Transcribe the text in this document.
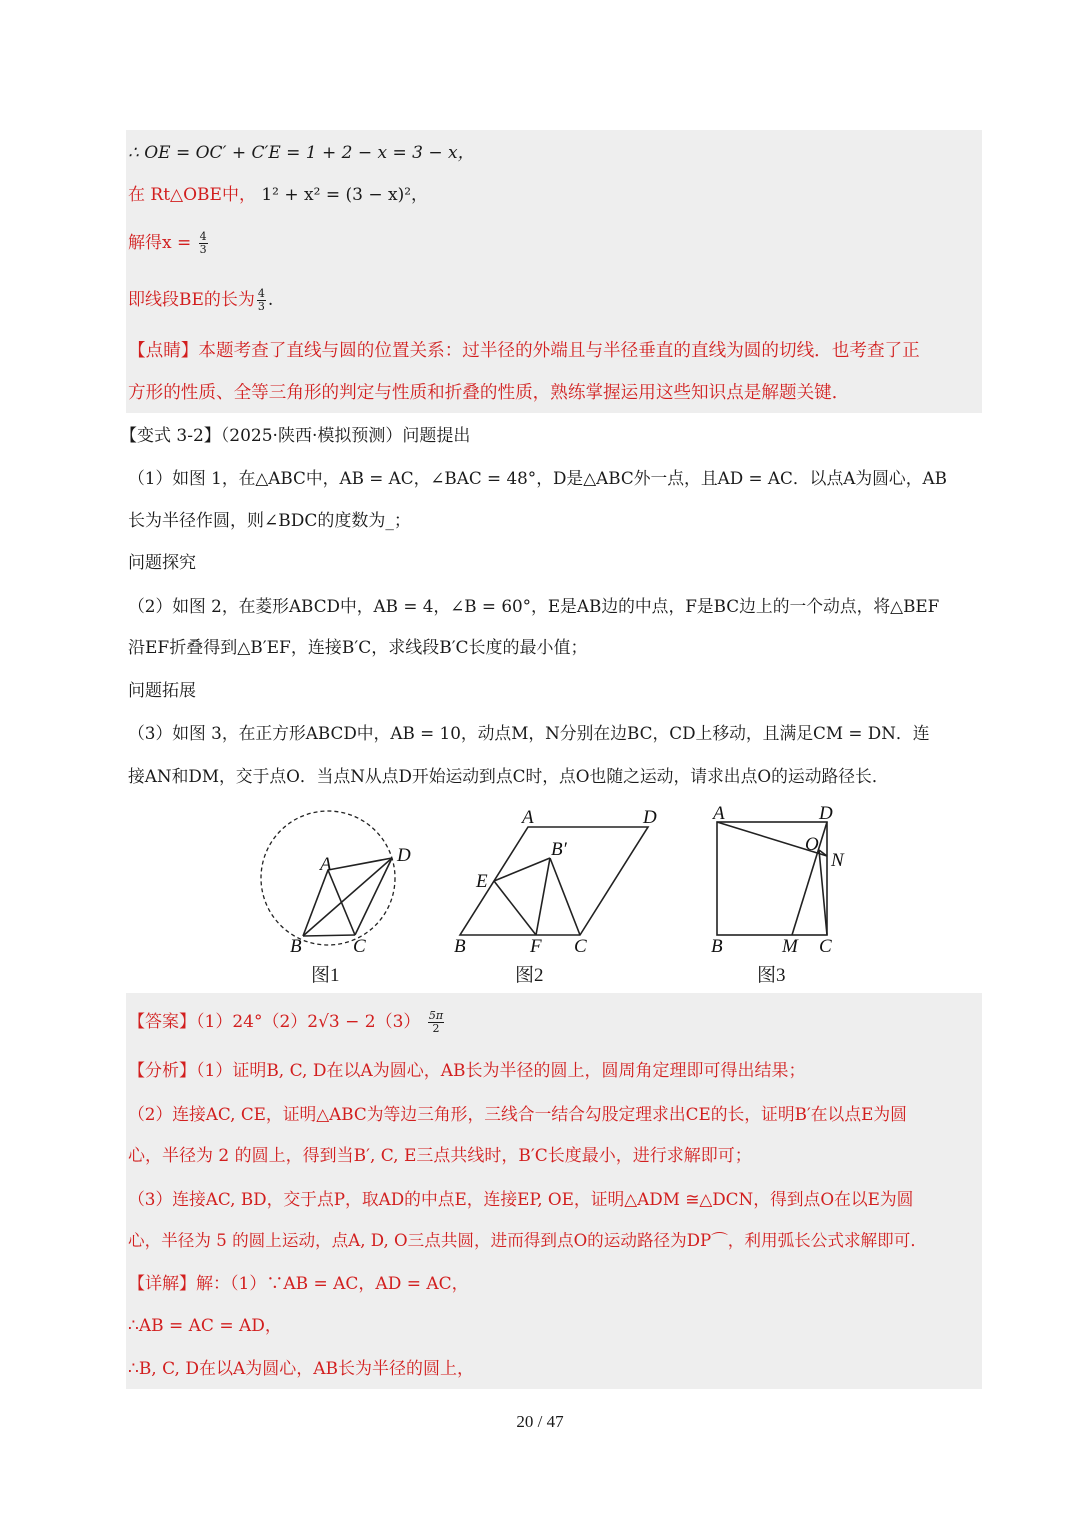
∴ OE = OC′ + C′E = 1 + 2 − x = 3 − x，
在 Rt△OBE中， 1² + x² = (3 − x)²，
解得$x = \frac{4}{3}$
即线段BE的长为 $\frac{4}{3}$ .
【点睛】本题考查了直线与圆的位置关系：过半径的外端且与半径垂直的直线为圆的切线．也考查了正
方形的性质、全等三角形的判定与性质和折叠的性质，熟练掌握运用这些知识点是解题关键．
【变式 3-2】（2025·陕西·模拟预测）问题提出
（1）如图 1，在△ABC中，AB = AC，∠BAC = 48°，D是△ABC外一点，且AD = AC．以点A为圆心，AB
长为半径作圆，则∠BDC的度数为_；
问题探究
（2）如图 2，在菱形ABCD中，AB = 4，∠B = 60°，E是AB边的中点，F是BC边上的一个动点，将△BEF
沿EF折叠得到△B′EF，连接B′C，求线段B′C长度的最小值；
问题拓展
（3）如图 3，在正方形ABCD中，AB = 10，动点M，N分别在边BC，CD上移动，且满足CM = DN．连
接AN和DM，交于点O．当点N从点D开始运动到点C时，点O也随之运动，请求出点O的运动路径长．
A	D
B	C
图1
A	D
B′
E
B	F C
图2
A	D
O
N
B	M C
图3
【答案】$(1)24^\circ(2)2√3 - 2(3) \frac{5\pi}{2}$
【分析】（1）证明B, C, D在以A为圆心，AB长为半径的圆上，圆周角定理即可得出结果；
（2）连接AC, CE，证明△ABC为等边三角形，三线合一结合勾股定理求出CE的长，证明B′在以点E为圆
心，半径为 2 的圆上，得到当B′, C, E三点共线时，B′C长度最小，进行求解即可；
（3）连接AC, BD，交于点P，取AD的中点E，连接EP, OE，证明△ADM ≅△DCN，得到点O在以E为圆
心，半径为 5 的圆上运动，点A, D, O三点共圆，进而得到点O的运动路径为DP⌒，利用弧长公式求解即可．
【详解】解：（1）∵AB = AC，AD = AC，
∴AB = AC = AD，
∴B, C, D在以A为圆心，AB长为半径的圆上，
20 / 47
